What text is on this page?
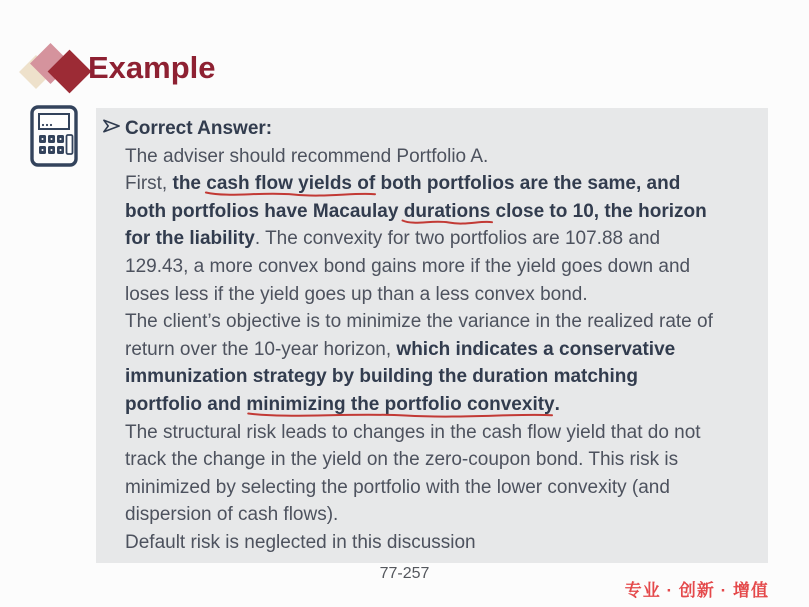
Example
Correct Answer:
The adviser should recommend Portfolio A.
First, the cash flow yields of
both portfolios are the same, and
both portfolios have Macaulay durations
close to 10, the horizon
for the liability. The convexity for two portfolios are 107.88 and
129.43, a more convex bond gains more if the yield goes down and
loses less if the yield goes up than a less convex bond.
The client’s objective is to minimize the variance in the realized rate of
return over the 10-year horizon, which indicates a conservative
immunization strategy by building the duration matching
portfolio and minimizing the portfolio convexity
.
The structural risk leads to changes in the cash flow yield that do not
track the change in the yield on the zero-coupon bond. This risk is
minimized by selecting the portfolio with the lower convexity (and
dispersion of cash flows).
Default risk is neglected in this discussion
77-257
专业 · 创新 · 增值
